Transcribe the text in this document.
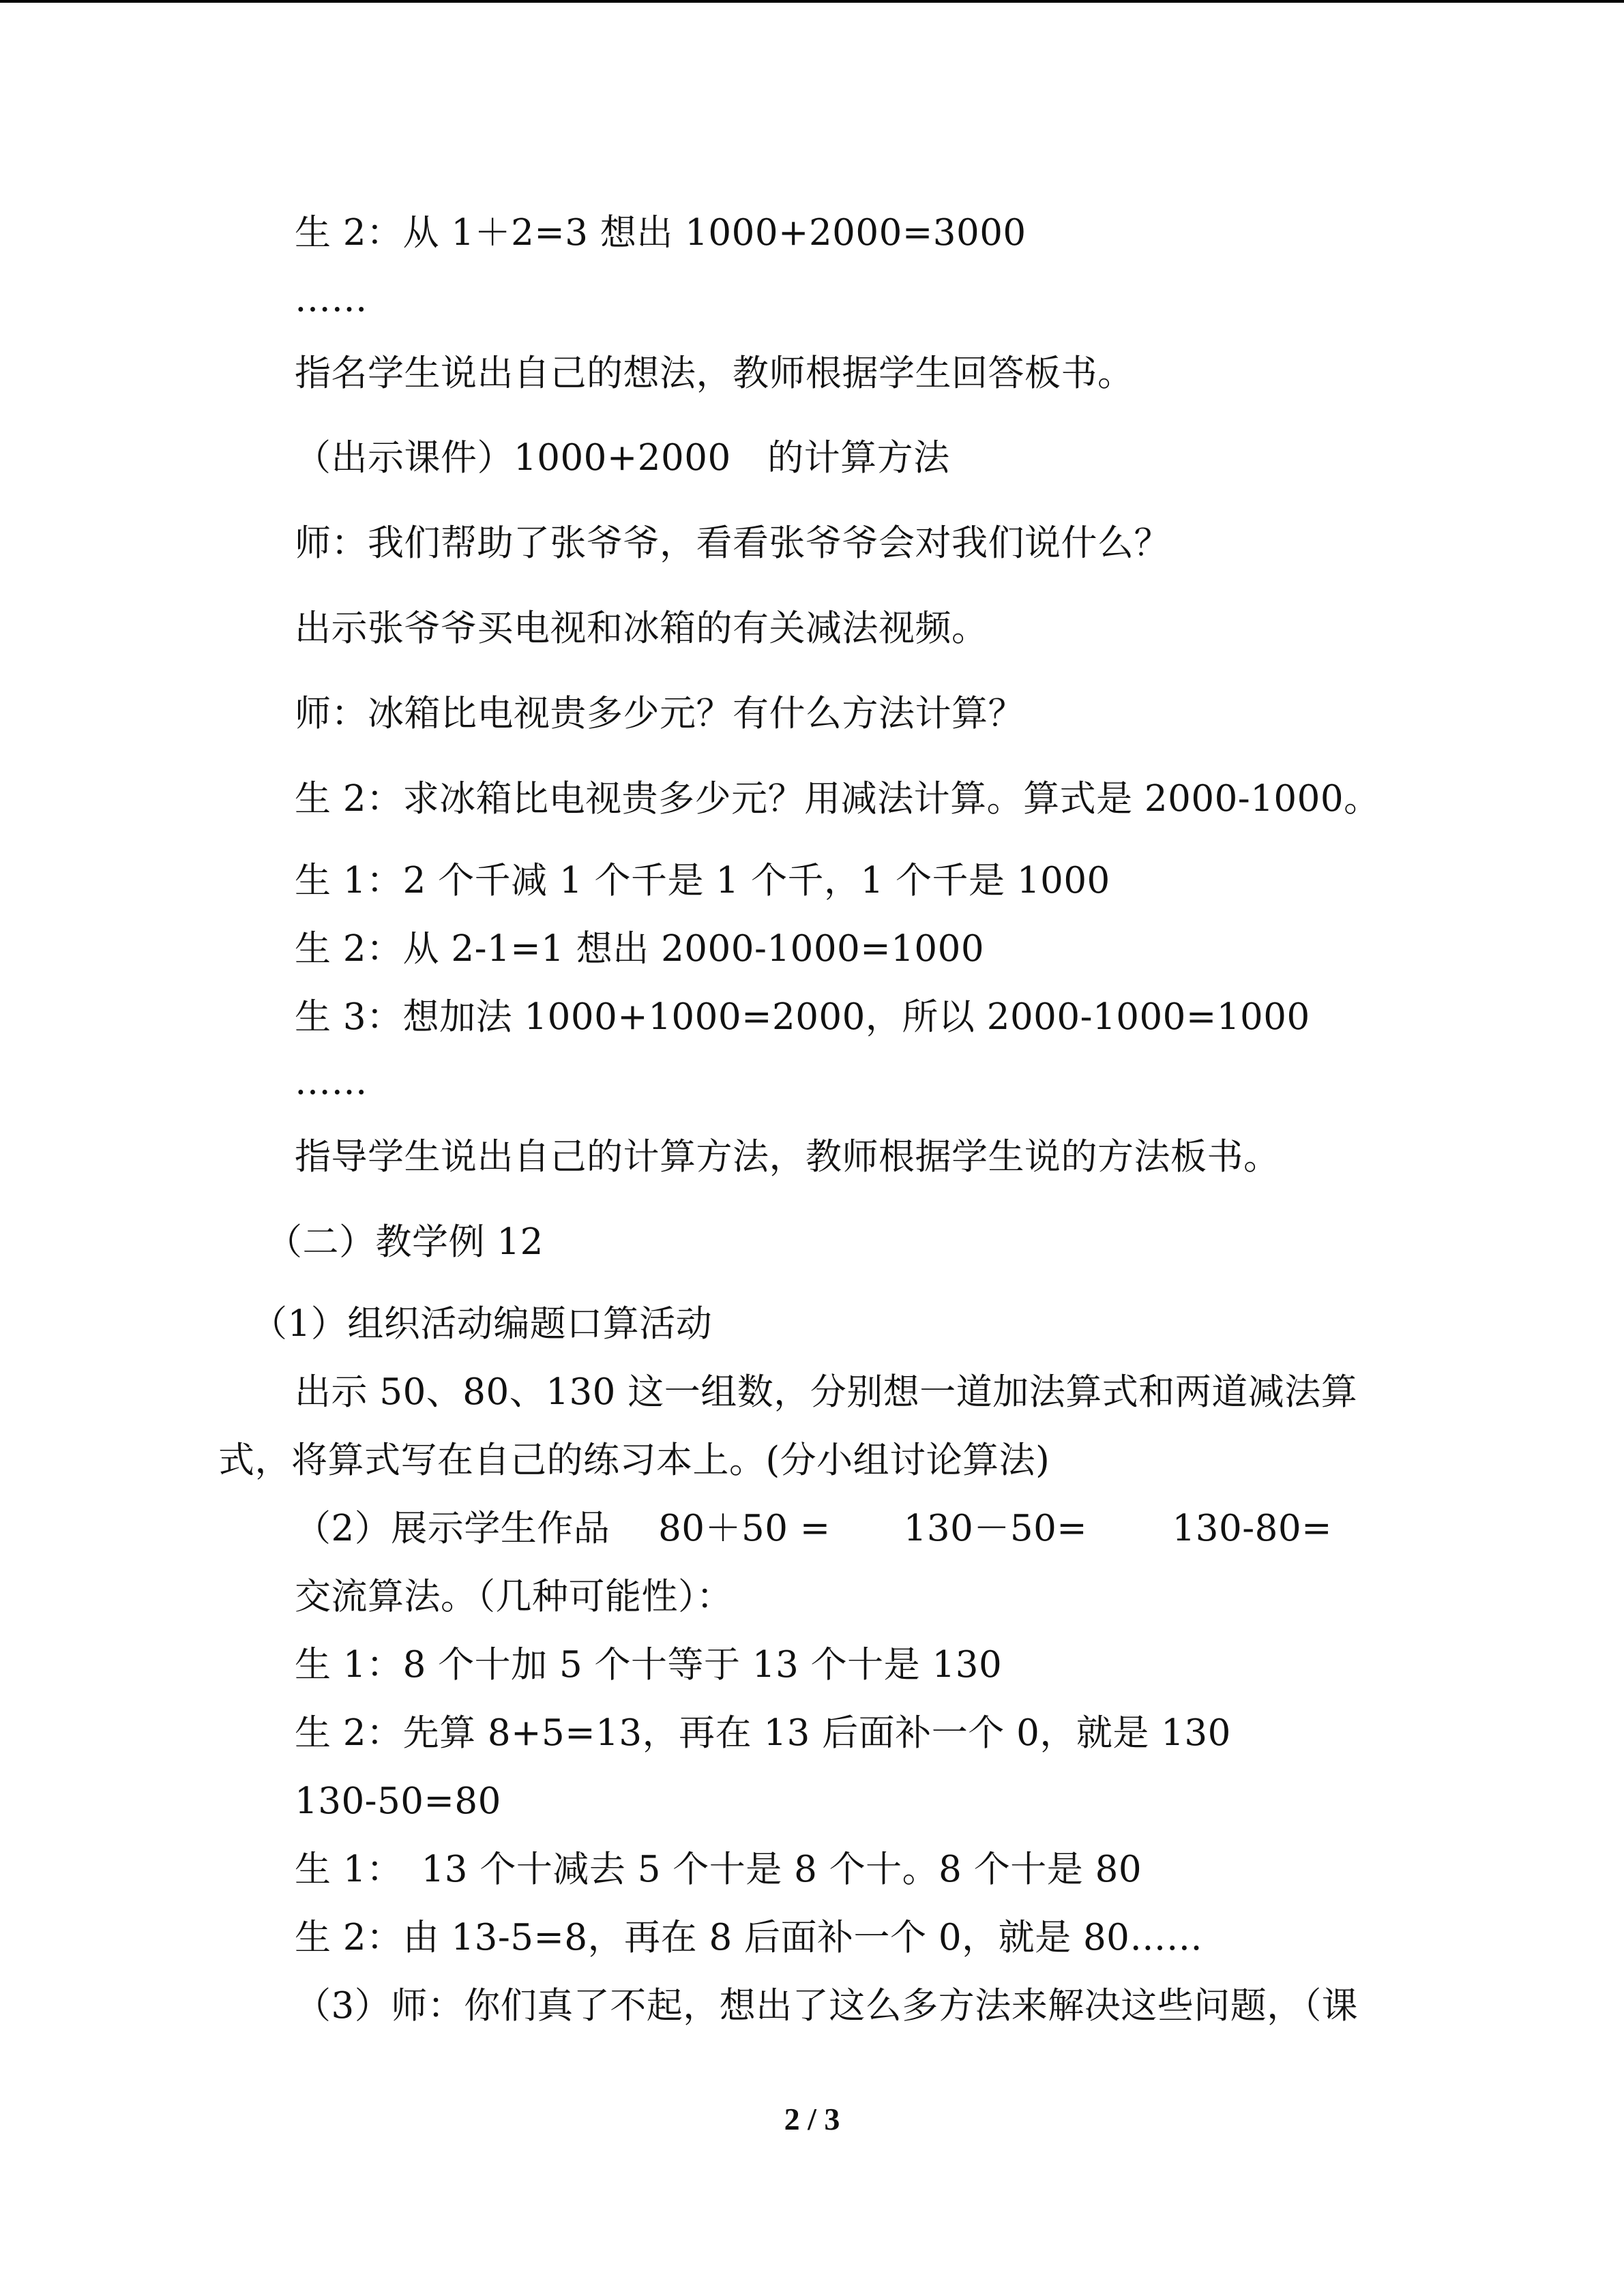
生 2：从 1＋2=3 想出 1000+2000=3000
……
指名学生说出自己的想法，教师根据学生回答板书。
（出示课件）1000+2000　的计算方法
师：我们帮助了张爷爷，看看张爷爷会对我们说什么？
出示张爷爷买电视和冰箱的有关减法视频。
师：冰箱比电视贵多少元？有什么方法计算？
生 2：求冰箱比电视贵多少元？用减法计算。算式是 2000-1000。
生 1：2 个千减 1 个千是 1 个千，1 个千是 1000
生 2：从 2-1=1 想出 2000-1000=1000
生 3：想加法 1000+1000=2000，所以 2000-1000=1000
……
指导学生说出自己的计算方法，教师根据学生说的方法板书。
（二）教学例 12
（1）组织活动编题口算活动
出示 50、80、130 这一组数，分别想一道加法算式和两道减法算
式，将算式写在自己的练习本上。(分小组讨论算法)
（2）展示学生作品　 80＋50 =　　130－50=　　 130-80=
交流算法。（几种可能性）：
生 1：8 个十加 5 个十等于 13 个十是 130
生 2：先算 8+5=13，再在 13 后面补一个 0，就是 130
130-50=80
生 1：　13 个十减去 5 个十是 8 个十。8 个十是 80
生 2：由 13-5=8，再在 8 后面补一个 0，就是 80……
（3）师：你们真了不起，想出了这么多方法来解决这些问题，（课
2 / 3
